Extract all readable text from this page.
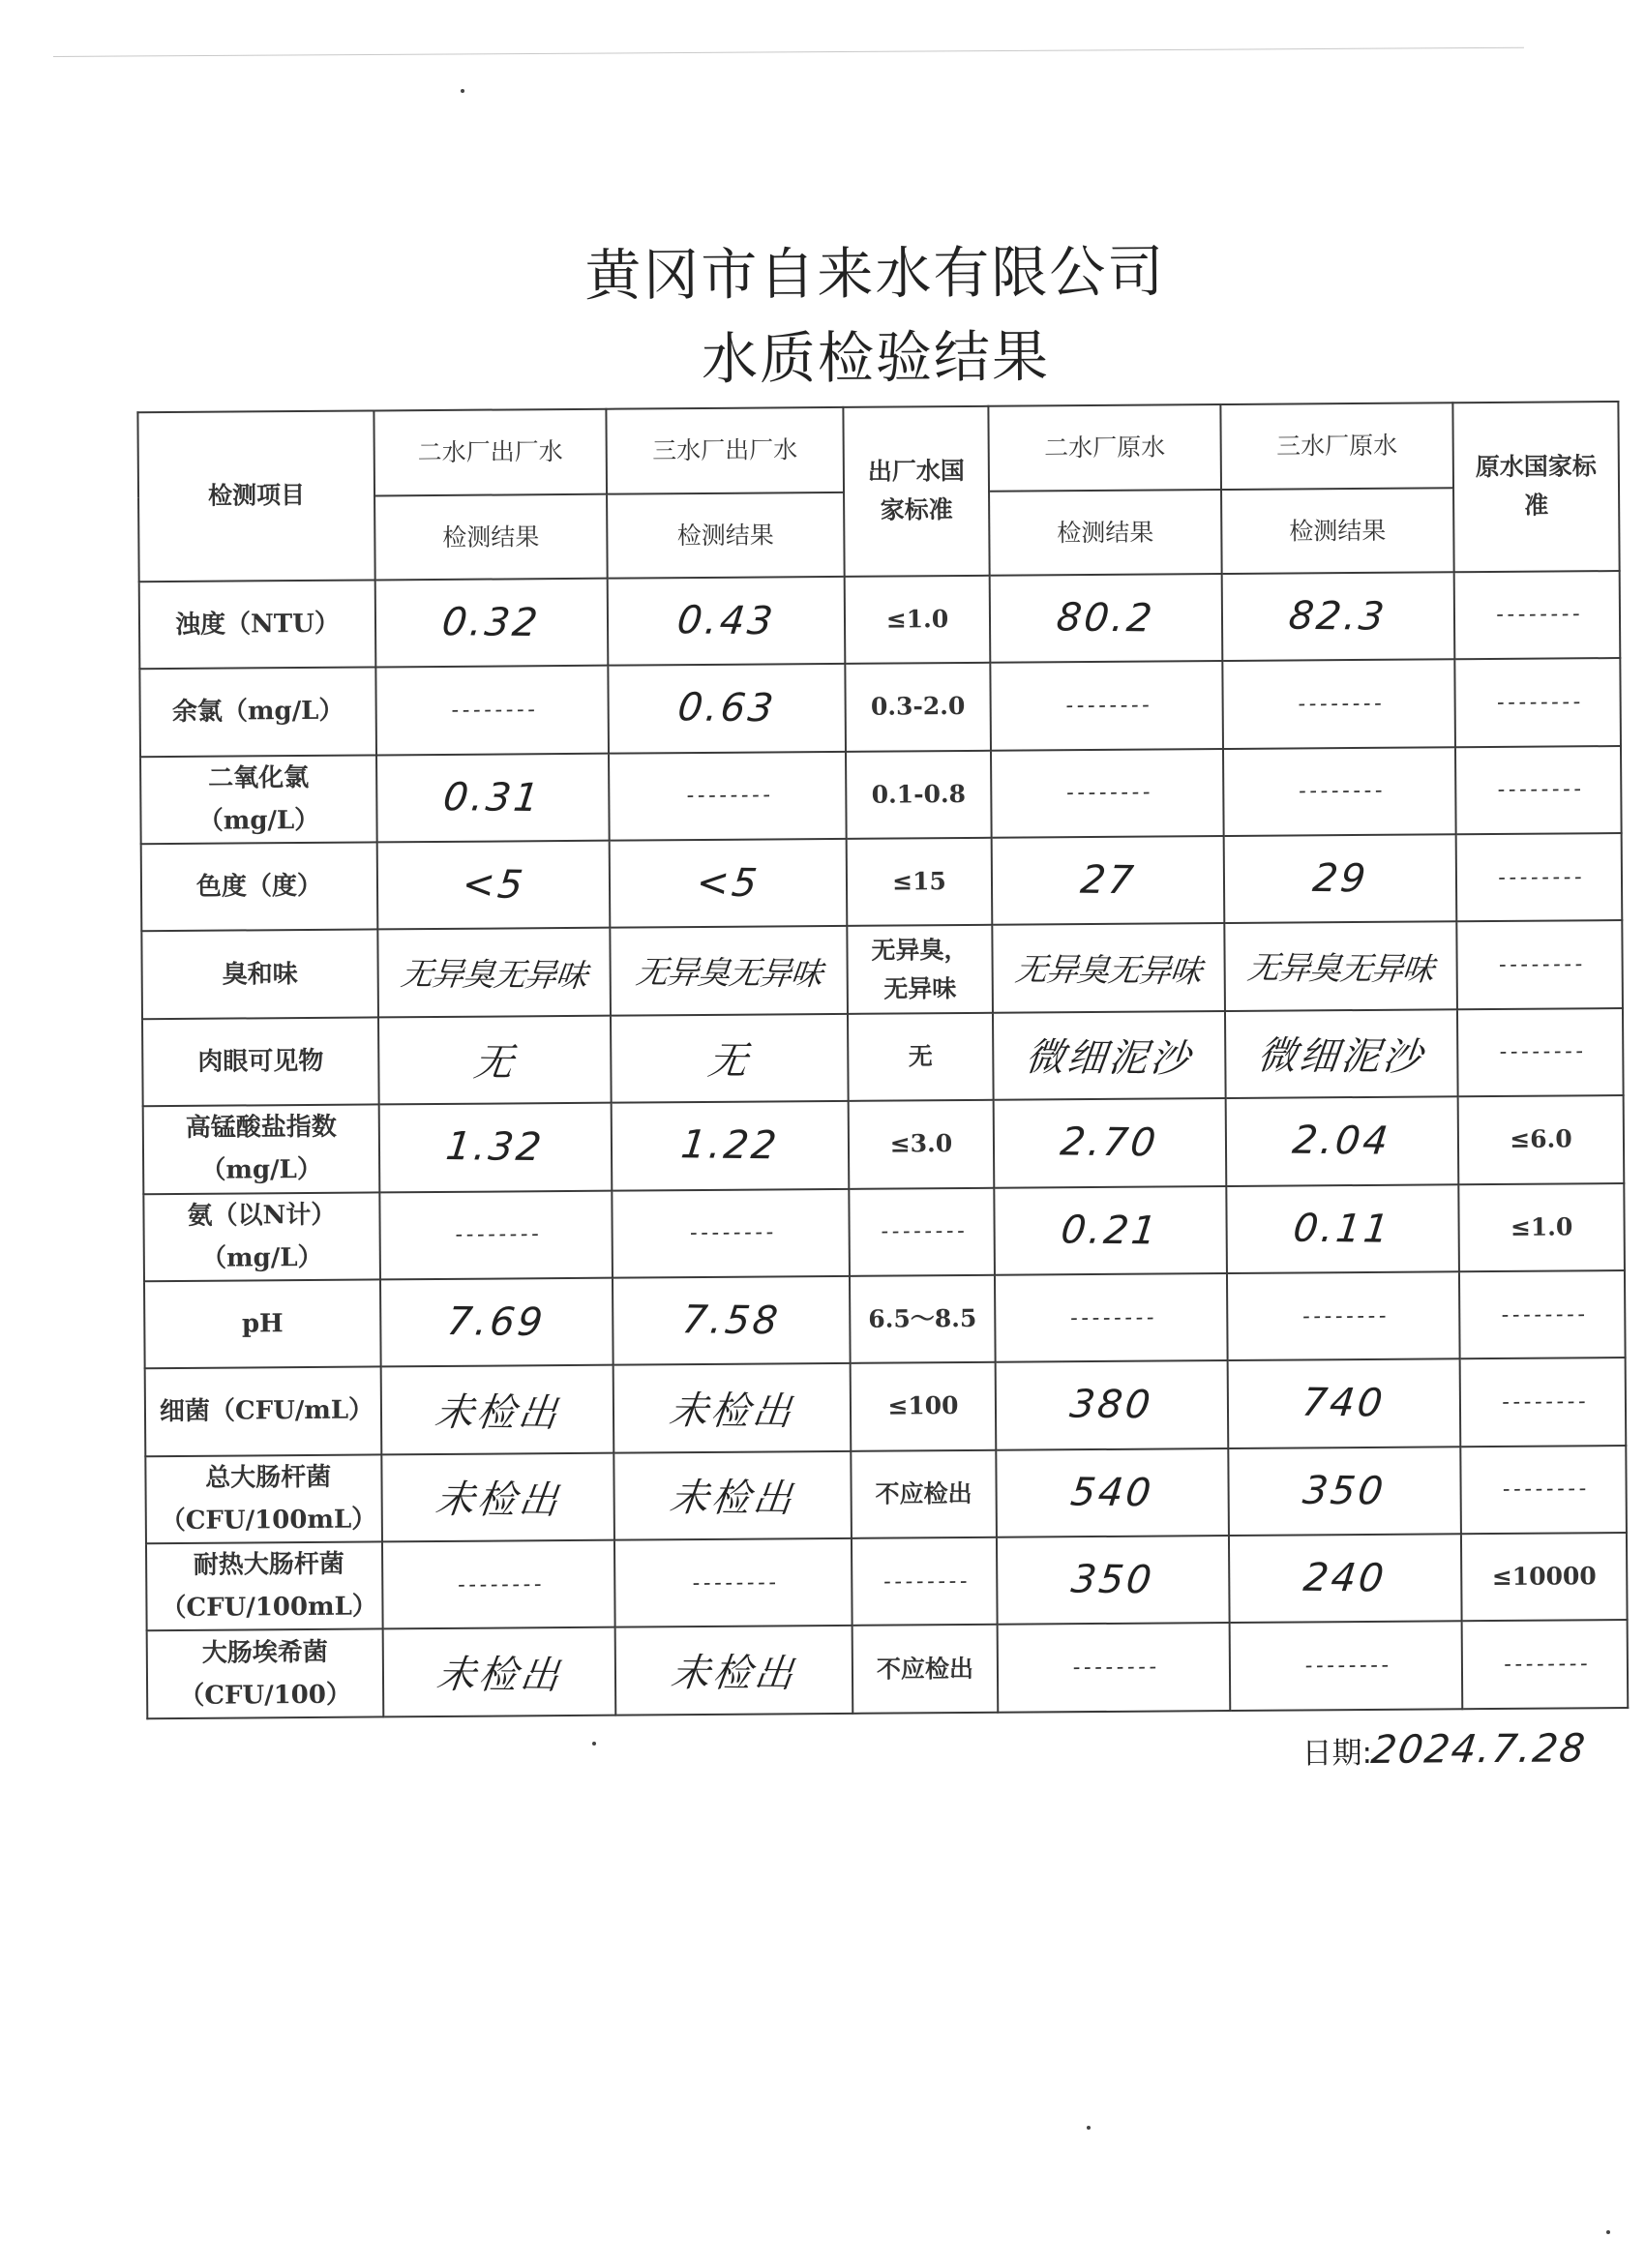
黄冈市自来水有限公司
水质检验结果
检测项目	二水厂出厂水	三水厂出厂水	出厂水国家标准	二水厂原水	三水厂原水	原水国家标准
	检测结果	检测结果		检测结果	检测结果	
浊度（NTU）	0.32	0.43	≤1.0	80.2	82.3	--------
余氯（mg/L）	--------	0.63	0.3-2.0	--------	--------	--------
二氧化氯（mg/L）	0.31	--------	0.1-0.8	--------	--------	--------
色度（度）	<5	<5	≤15	27	29	--------
臭和味	无异臭无异味	无异臭无异味	无异臭，无异味	无异臭无异味	无异臭无异味	--------
肉眼可见物	无	无	无	微细泥沙	微细泥沙	--------
高锰酸盐指数（mg/L）	1.32	1.22	≤3.0	2.70	2.04	≤6.0
氨（以N计）（mg/L）	--------	--------	--------	0.21	0.11	≤1.0
pH	7.69	7.58	6.5～8.5	--------	--------	--------
细菌（CFU/mL）	未检出	未检出	≤100	380	740	--------
总大肠杆菌（CFU/100mL）	未检出	未检出	不应检出	540	350	--------
耐热大肠杆菌（CFU/100mL）	--------	--------	--------	350	240	≤10000
大肠埃希菌（CFU/100）	未检出	未检出	不应检出	--------	--------	--------
日期:2024.7.28
